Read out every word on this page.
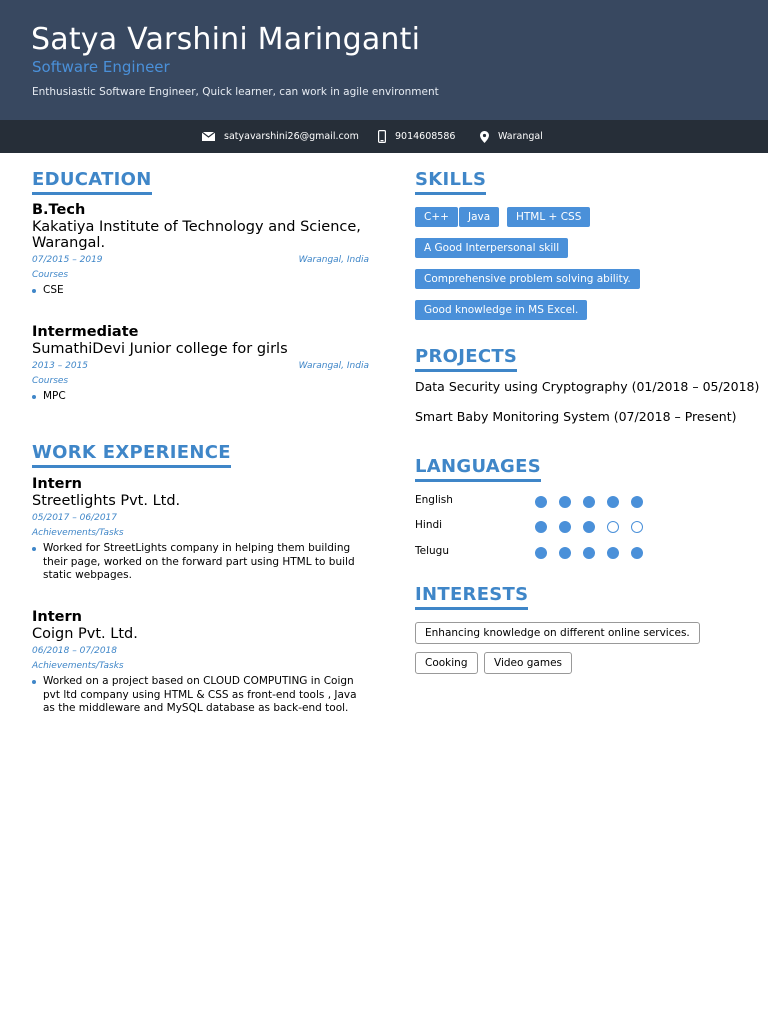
Satya Varshini Maringanti
Software Engineer
Enthusiastic Software Engineer, Quick learner, can work in agile environment
satyavarshini26@gmail.com	9014608586	Warangal
EDUCATION
B.Tech
Kakatiya Institute of Technology and Science, Warangal.
07/2015 – 2019	Warangal, India
Courses
CSE
Intermediate
SumathiDevi Junior college for girls
2013 – 2015	Warangal, India
Courses
MPC
WORK EXPERIENCE
Intern
Streetlights Pvt. Ltd.
05/2017 – 06/2017
Achievements/Tasks
Worked for StreetLights company in helping them building their page, worked on the forward part using HTML to build static webpages.
Intern
Coign Pvt. Ltd.
06/2018 – 07/2018
Achievements/Tasks
Worked on a project based on CLOUD COMPUTING in Coign pvt ltd company using HTML & CSS as front-end tools , Java as the middleware and MySQL database as back-end tool.
SKILLS
C++	Java	HTML + CSS
A Good Interpersonal skill
Comprehensive problem solving ability.
Good knowledge in MS Excel.
PROJECTS
Data Security using Cryptography (01/2018 – 05/2018)
Smart Baby Monitoring System (07/2018 – Present)
LANGUAGES
English
Hindi
Telugu
INTERESTS
Enhancing knowledge on different online services.
Cooking	Video games
